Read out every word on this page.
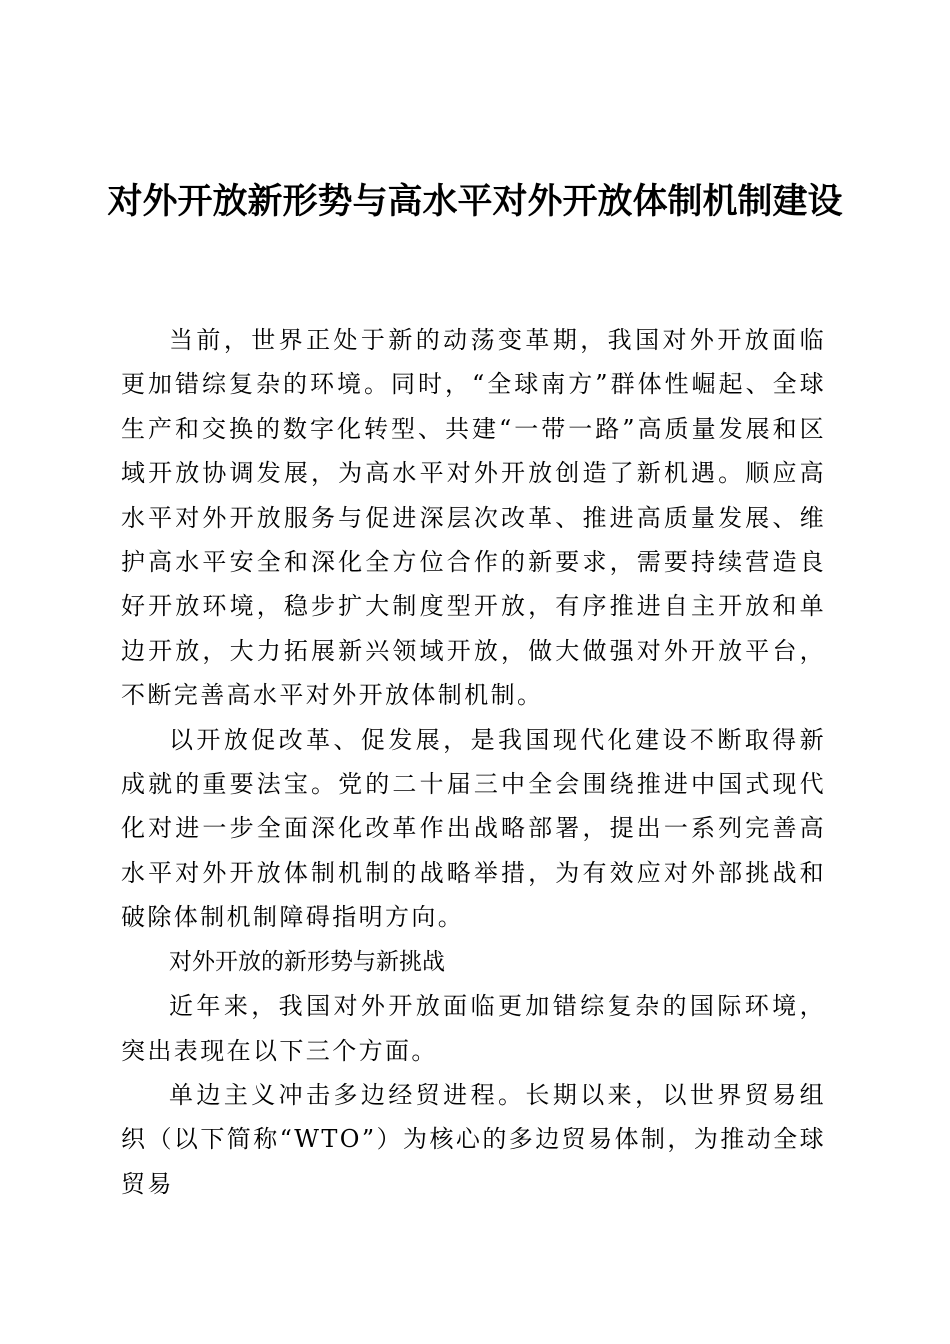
对外开放新形势与高水平对外开放体制机制建设

当前，世界正处于新的动荡变革期，我国对外开放面临更加错综复杂的环境。同时，“全球南方”群体性崛起、全球生产和交换的数字化转型、共建“一带一路”高质量发展和区域开放协调发展，为高水平对外开放创造了新机遇。顺应高水平对外开放服务与促进深层次改革、推进高质量发展、维护高水平安全和深化全方位合作的新要求，需要持续营造良好开放环境，稳步扩大制度型开放，有序推进自主开放和单边开放，大力拓展新兴领域开放，做大做强对外开放平台，不断完善高水平对外开放体制机制。

以开放促改革、促发展，是我国现代化建设不断取得新成就的重要法宝。党的二十届三中全会围绕推进中国式现代化对进一步全面深化改革作出战略部署，提出一系列完善高水平对外开放体制机制的战略举措，为有效应对外部挑战和破除体制机制障碍指明方向。

对外开放的新形势与新挑战

近年来，我国对外开放面临更加错综复杂的国际环境，突出表现在以下三个方面。

单边主义冲击多边经贸进程。长期以来，以世界贸易组织（以下简称“WTO”）为核心的多边贸易体制，为推动全球贸易
